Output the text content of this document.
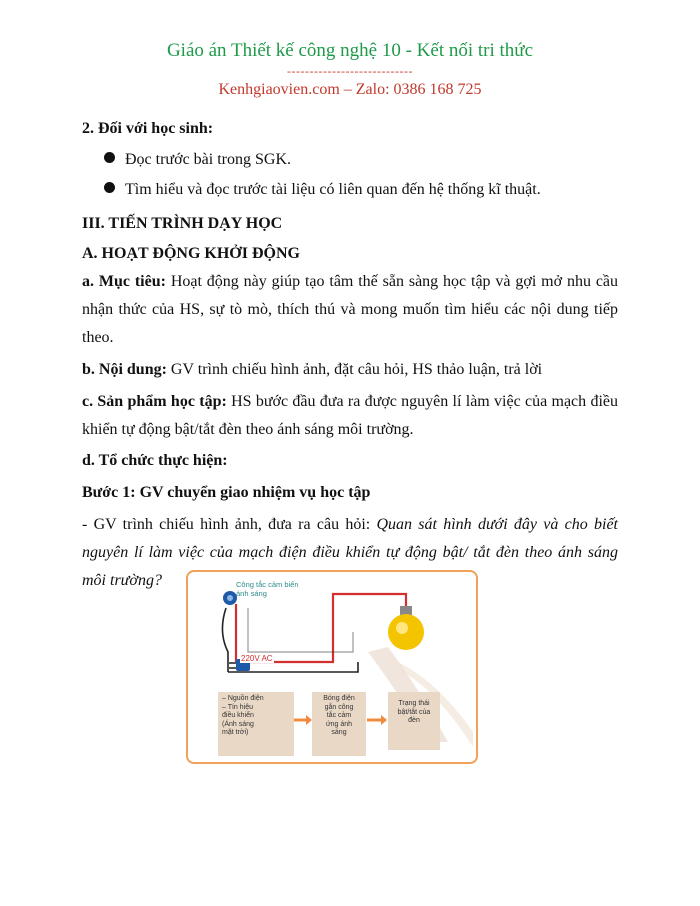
Giáo án Thiết kế công nghệ 10 - Kết nối tri thức
----------------------------
Kenhgiaovien.com – Zalo: 0386 168 725
2. Đối với học sinh:
Đọc trước bài trong SGK.
Tìm hiểu và đọc trước tài liệu có liên quan đến hệ thống kĩ thuật.
III. TIẾN TRÌNH DẠY HỌC
A. HOẠT ĐỘNG KHỞI ĐỘNG
a. Mục tiêu: Hoạt động này giúp tạo tâm thế sẵn sàng học tập và gợi mở nhu cầu
nhận thức của HS, sự tò mò, thích thú và mong muốn tìm hiểu các nội dung tiếp
theo.
b. Nội dung: GV trình chiếu hình ảnh, đặt câu hỏi, HS thảo luận, trả lời
c. Sản phẩm học tập: HS bước đầu đưa ra được nguyên lí làm việc của mạch điều
khiển tự động bật/tắt đèn theo ánh sáng môi trường.
d. Tổ chức thực hiện:
Bước 1: GV chuyển giao nhiệm vụ học tập
- GV trình chiếu hình ảnh, đưa ra câu hỏi: Quan sát hình dưới đây và cho biết
nguyên lí làm việc của mạch điện điều khiển tự động bật/ tắt đèn theo ánh sáng
môi trường?	Công tắc cảm biến
ánh sáng
220V AC
– Nguồn điện
– Tín hiệu
điều khiển
(Ánh sáng
mặt trời)
Bóng điện
gắn công
tắc cảm
ứng ánh
sáng
Trạng thái
bật/tắt của
đèn
